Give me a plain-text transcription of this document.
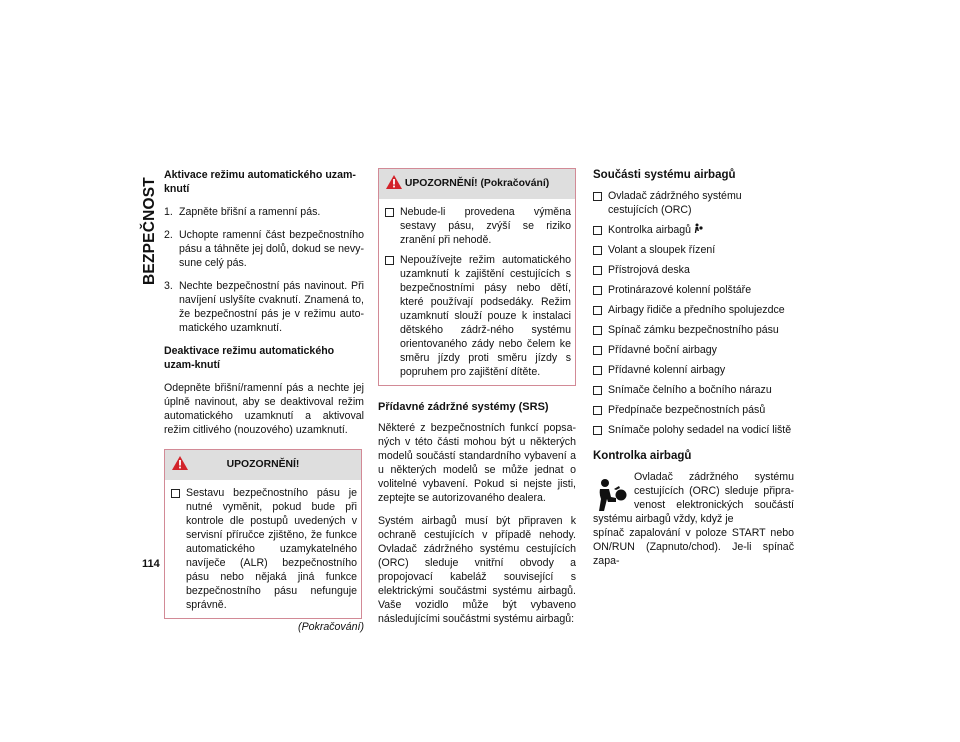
BEZPEČNOST
114

Aktivace režimu automatického uzam-knutí

1. Zapněte břišní a ramenní pás.
2. Uchopte ramenní část bezpečnostního pásu a táhněte jej dolů, dokud se nevy-sune celý pás.
3. Nechte bezpečnostní pás navinout. Při navíjení uslyšíte cvaknutí. Znamená to, že bezpečnostní pás je v režimu auto-matického uzamknutí.

Deaktivace režimu automatického uzam-knutí

Odepněte břišní/ramenní pás a nechte jej úplně navinout, aby se deaktivoval režim automatického uzamknutí a aktivoval režim citlivého (nouzového) uzamknutí.

UPOZORNĚNÍ!
Sestavu bezpečnostního pásu je nutné vyměnit, pokud bude při kontrole dle postupů uvedených v servisní příručce zjištěno, že funkce automatického uzamykatelného navíječe (ALR) bezpečnostního pásu nebo nějaká jiná funkce bezpečnostního pásu nefunguje správně.
(Pokračování)
UPOZORNĚNÍ! (Pokračování)
Nebude-li provedena výměna sestavy pásu, zvýší se riziko zranění při nehodě.
Nepoužívejte režim automatického uzamknutí k zajištění cestujících s bezpečnostními pásy nebo dětí, které používají podsedáky. Režim uzamknutí slouží pouze k instalaci dětského zádrž-ného systému orientovaného zády nebo čelem ke směru jízdy proti směru jízdy s popruhem pro zajištění dítěte.

Přídavné zádržné systémy (SRS)

Některé z bezpečnostních funkcí popsa-ných v této části mohou být u některých modelů součástí standardního vybavení a u některých modelů se může jednat o volitelné vybavení. Pokud si nejste jisti, zeptejte se autorizovaného dealera.

Systém airbagů musí být připraven k ochraně cestujících v případě nehody. Ovladač zádržného systému cestujících (ORC) sleduje vnitřní obvody a propojovací kabeláž související s elektrickými součástmi systému airbagů. Vaše vozidlo může být vybaveno následujícími součástmi systému airbagů:

Součásti systému airbagů

Ovladač zádržného systému cestujících (ORC)
Kontrolka airbagů
Volant a sloupek řízení
Přístrojová deska
Protinárazové kolenní polštáře
Airbagy řidiče a předního spolujezdce
Spínač zámku bezpečnostního pásu
Přídavné boční airbagy
Přídavné kolenní airbagy
Snímače čelního a bočního nárazu
Předpínače bezpečnostních pásů
Snímače polohy sedadel na vodicí liště

Kontrolka airbagů

Ovladač zádržného systému cestujících (ORC) sleduje připra-venost elektronických součástí systému airbagů vždy, když je

spínač zapalování v poloze START nebo ON/RUN (Zapnuto/chod). Je-li spínač zapa-
